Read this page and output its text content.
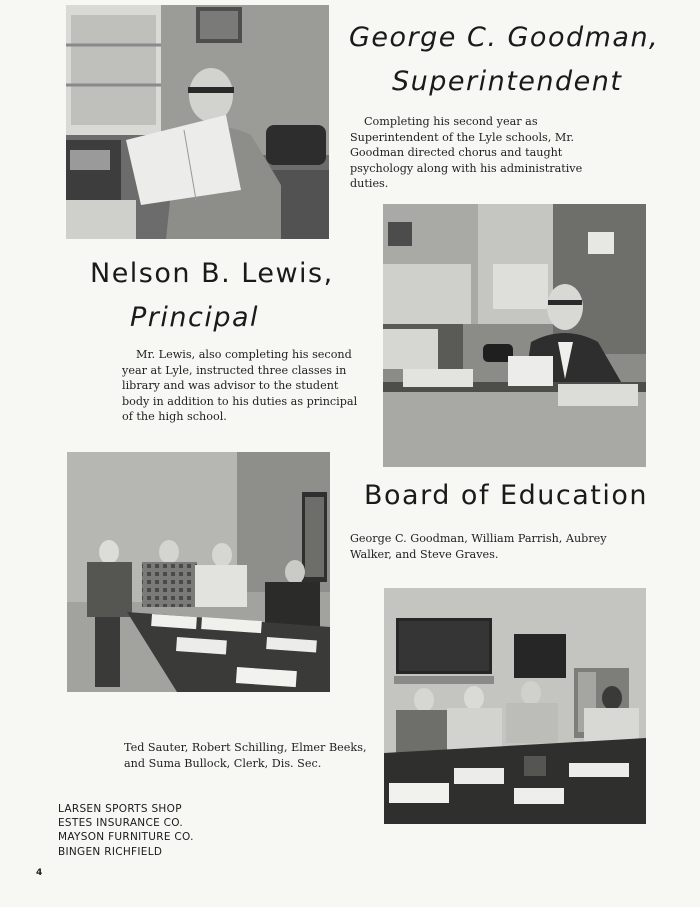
George C. Goodman,
Superintendent

Completing his second year as Superintendent of the Lyle schools, Mr. Goodman directed chorus and taught psychology along with his administrative duties.

Nelson B. Lewis,
Principal

Mr. Lewis, also completing his second year at Lyle, instructed three classes in library and was advisor to the student body in addition to his duties as principal of the high school.

Board of Education

George C. Goodman, William Parrish, Aubrey Walker, and Steve Graves.

Ted Sauter, Robert Schilling, Elmer Beeks, and Suma Bullock, Clerk, Dis. Sec.

LARSEN SPORTS SHOP
ESTES INSURANCE CO.
MAYSON FURNITURE CO.
BINGEN RICHFIELD
4
